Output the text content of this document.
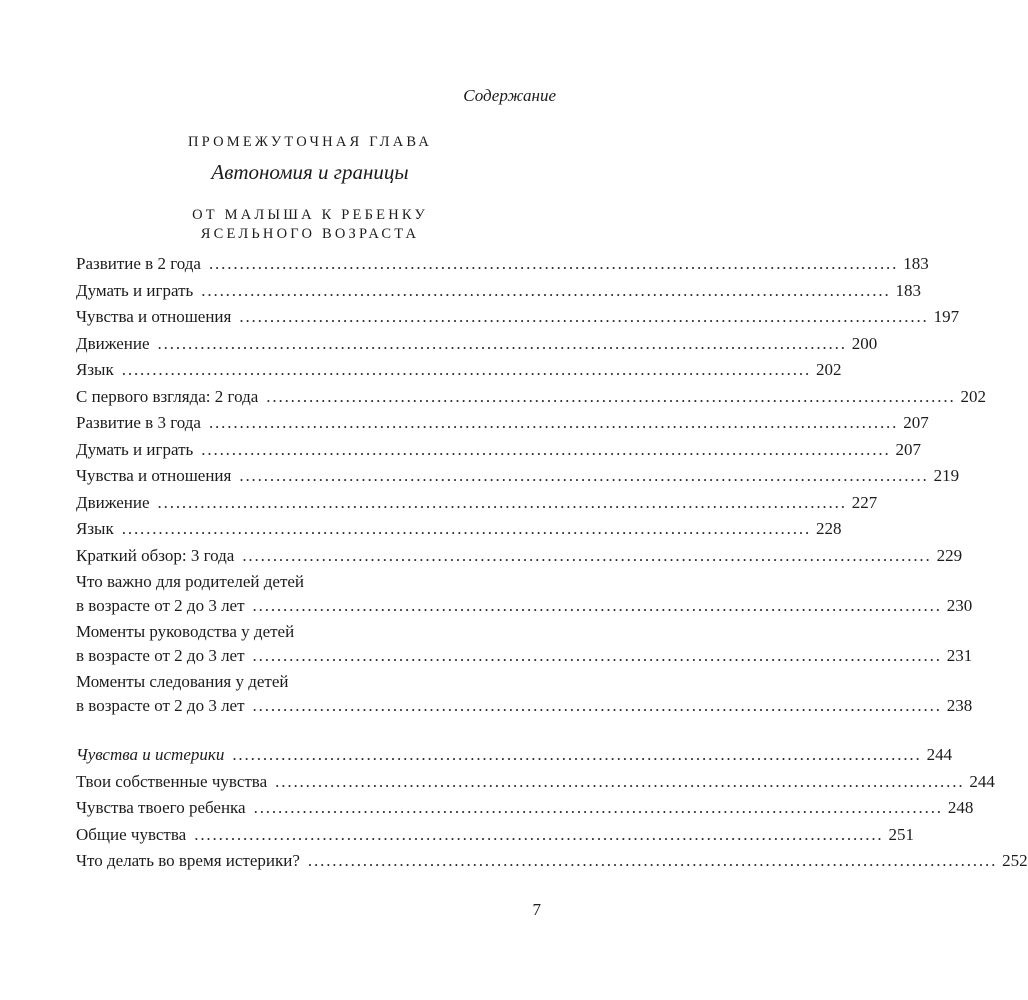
Содержание
ПРОМЕЖУТОЧНАЯ ГЛАВА
Автономия и границы
ОТ МАЛЫША К РЕБЕНКУ
ЯСЕЛЬНОГО ВОЗРАСТА
Развитие в 2 года . . .	183
Думать и играть . . .	183
Чувства и отношения . . .	197
Движение . . .	200
Язык . . .	202
С первого взгляда: 2 года . . .	202
Развитие в 3 года . . .	207
Думать и играть . . .	207
Чувства и отношения . . .	219
Движение . . .	227
Язык . . .	228
Краткий обзор: 3 года . . .	229
Что важно для родителей детей
в возрасте от 2 до 3 лет . . .	230
Моменты руководства у детей
в возрасте от 2 до 3 лет . . .	231
Моменты следования у детей
в возрасте от 2 до 3 лет . . .	238
Чувства и истерики . . .	244
Твои собственные чувства . . .	244
Чувства твоего ребенка . . .	248
Общие чувства . . .	251
Что делать во время истерики? . . .	252
7
